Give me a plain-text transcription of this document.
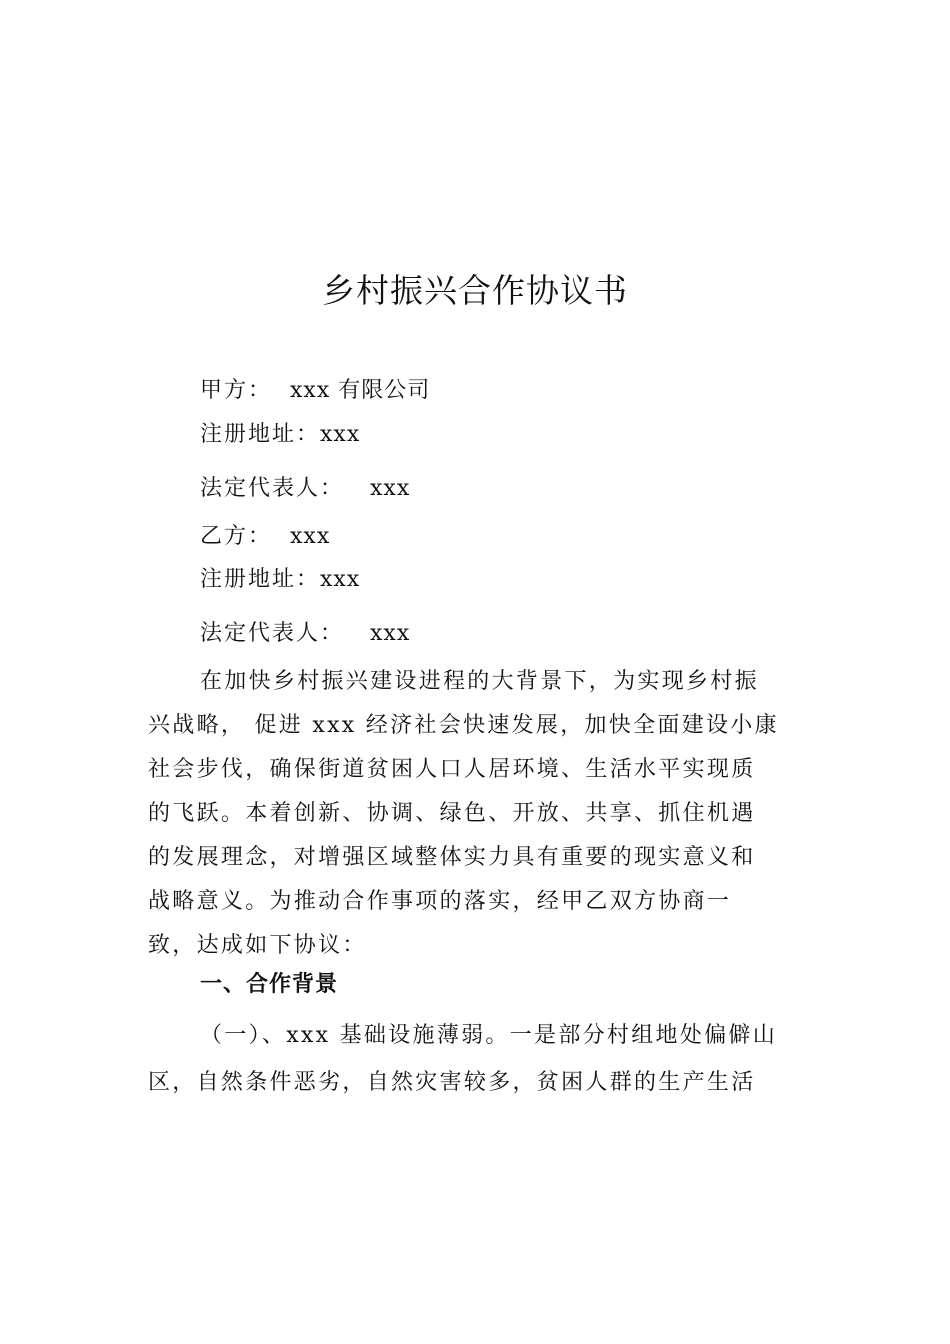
乡村振兴合作协议书
甲方： xxx 有限公司
注册地址：xxx
法定代表人： xxx
乙方： xxx
注册地址：xxx
法定代表人： xxx
在加快乡村振兴建设进程的大背景下，为实现乡村振
兴战略， 促进 xxx 经济社会快速发展，加快全面建设小康
社会步伐，确保街道贫困人口人居环境、生活水平实现质
的飞跃。本着创新、协调、绿色、开放、共享、抓住机遇
的发展理念，对增强区域整体实力具有重要的现实意义和
战略意义。为推动合作事项的落实，经甲乙双方协商一
致，达成如下协议：
一、合作背景
（一）、xxx 基础设施薄弱。一是部分村组地处偏僻山
区，自然条件恶劣，自然灾害较多，贫困人群的生产生活
